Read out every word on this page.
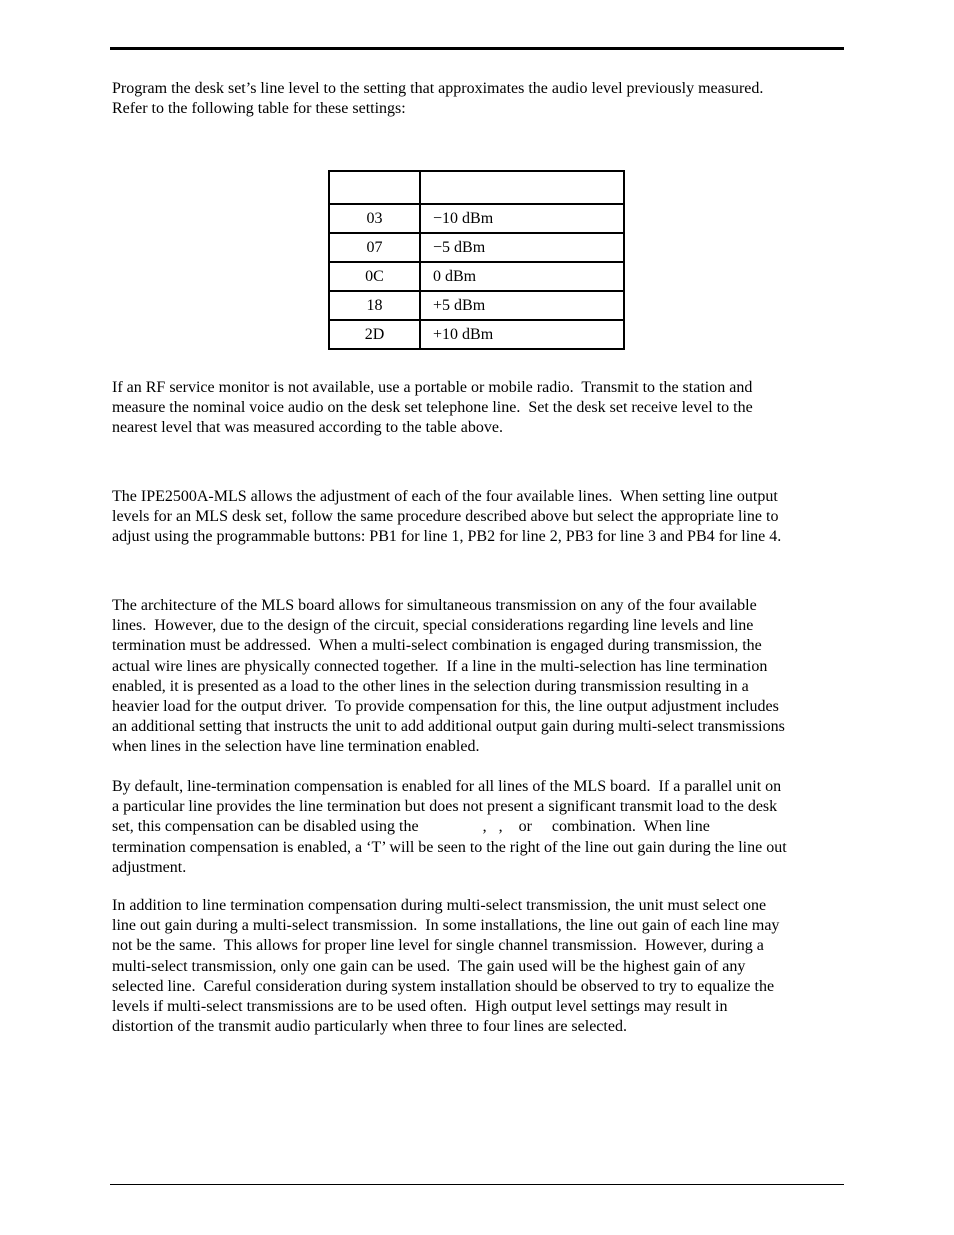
Program the desk set’s line level to the setting that approximates the audio level previously measured.
Refer to the following table for these settings:

03	−10 dBm
07	−5 dBm
0C	0 dBm
18	+5 dBm
2D	+10 dBm
If an RF service monitor is not available, use a portable or mobile radio.  Transmit to the station and
measure the nominal voice audio on the desk set telephone line.  Set the desk set receive level to the
nearest level that was measured according to the table above.
The IPE2500A-MLS allows the adjustment of each of the four available lines.  When setting line output
levels for an MLS desk set, follow the same procedure described above but select the appropriate line to
adjust using the programmable buttons: PB1 for line 1, PB2 for line 2, PB3 for line 3 and PB4 for line 4.
The architecture of the MLS board allows for simultaneous transmission on any of the four available
lines.  However, due to the design of the circuit, special considerations regarding line levels and line
termination must be addressed.  When a multi-select combination is engaged during transmission, the
actual wire lines are physically connected together.  If a line in the multi-selection has line termination
enabled, it is presented as a load to the other lines in the selection during transmission resulting in a
heavier load for the output driver.  To provide compensation for this, the line output adjustment includes
an additional setting that instructs the unit to add additional output gain during multi-select transmissions
when lines in the selection have line termination enabled.
By default, line-termination compensation is enabled for all lines of the MLS board.  If a parallel unit on
a particular line provides the line termination but does not present a significant transmit load to the desk
set, this compensation can be disabled using the                ,   ,    or     combination.  When line
termination compensation is enabled, a ‘T’ will be seen to the right of the line out gain during the line out
adjustment.
In addition to line termination compensation during multi-select transmission, the unit must select one
line out gain during a multi-select transmission.  In some installations, the line out gain of each line may
not be the same.  This allows for proper line level for single channel transmission.  However, during a
multi-select transmission, only one gain can be used.  The gain used will be the highest gain of any
selected line.  Careful consideration during system installation should be observed to try to equalize the
levels if multi-select transmissions are to be used often.  High output level settings may result in
distortion of the transmit audio particularly when three to four lines are selected.
